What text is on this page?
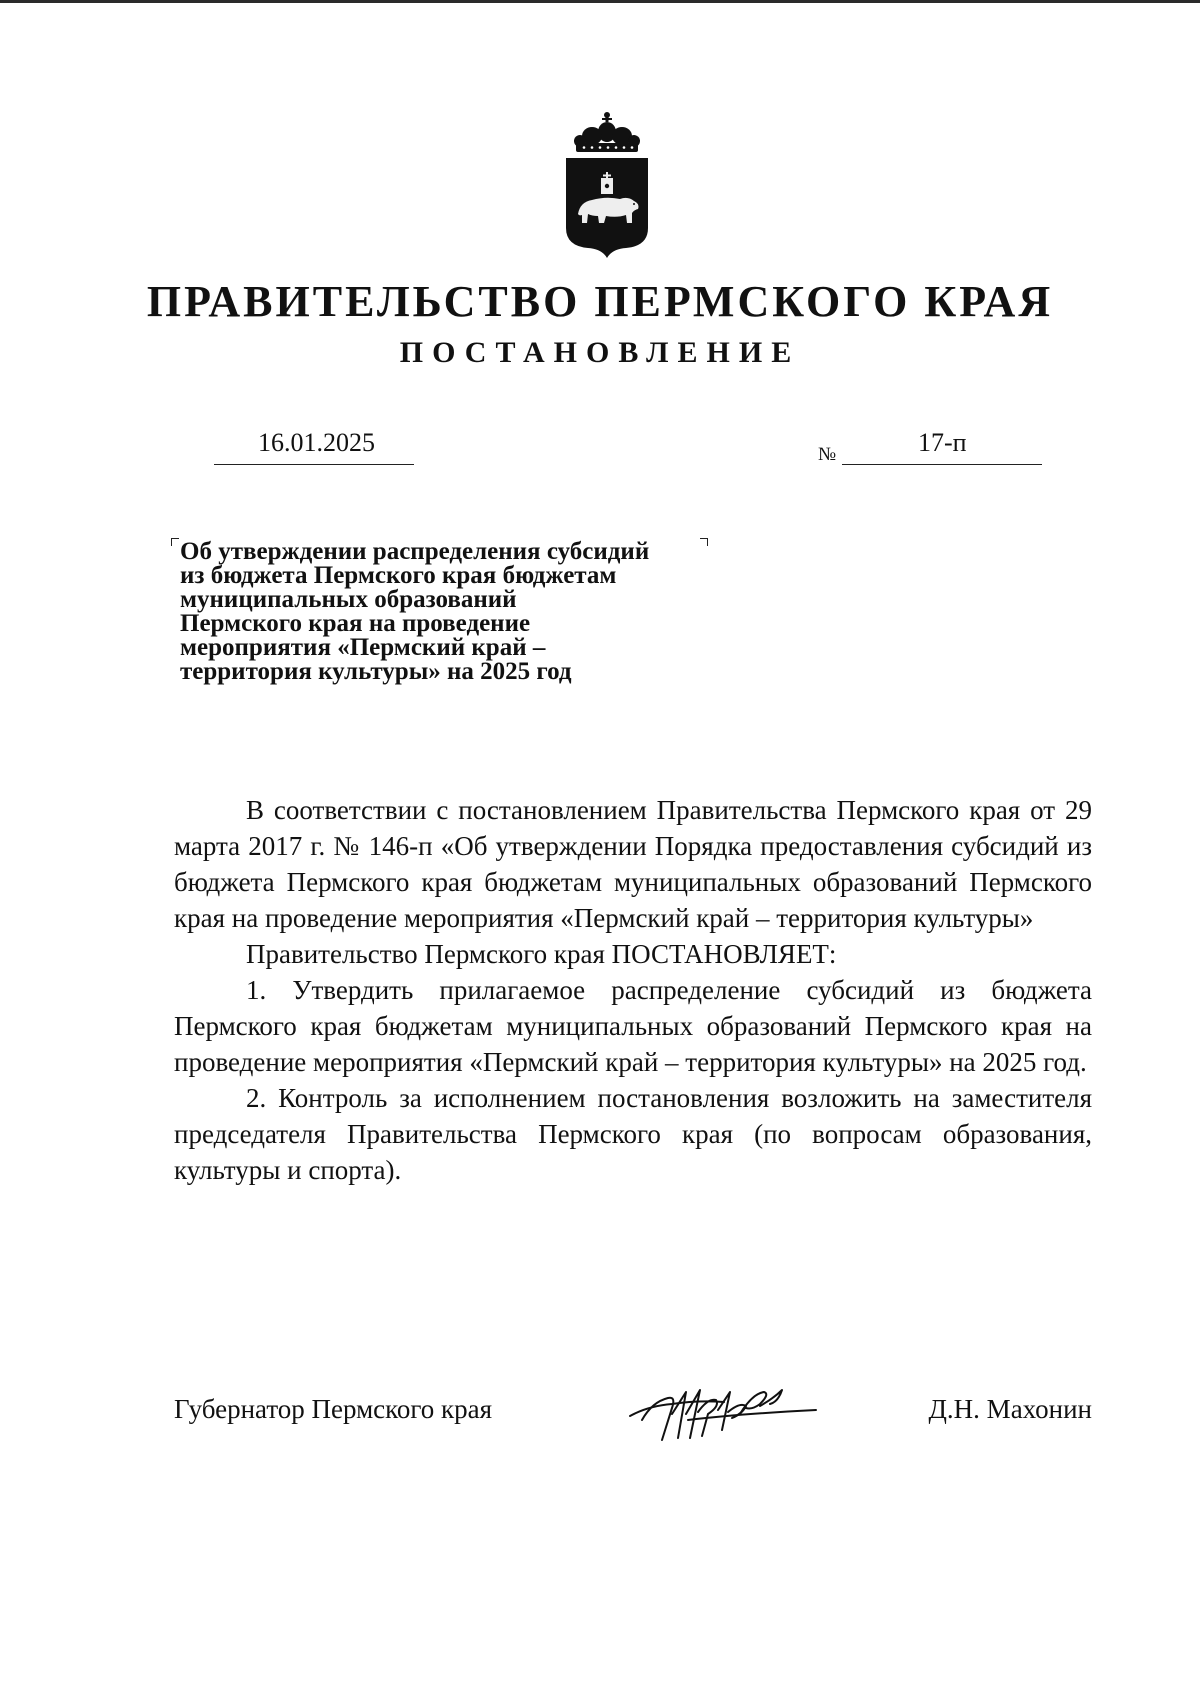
ПРАВИТЕЛЬСТВО ПЕРМСКОГО КРАЯ
ПОСТАНОВЛЕНИЕ
16.01.2025	№	17-п
Об утверждении распределения субсидий
из бюджета Пермского края бюджетам
муниципальных образований
Пермского края на проведение
мероприятия «Пермский край –
территория культуры» на 2025 год

В соответствии с постановлением Правительства Пермского края от 29 марта 2017 г. № 146-п «Об утверждении Порядка предоставления субсидий из бюджета Пермского края бюджетам муниципальных образований Пермского края на проведение мероприятия «Пермский край – территория культуры»

Правительство Пермского края ПОСТАНОВЛЯЕТ:

1. Утвердить прилагаемое распределение субсидий из бюджета Пермского края бюджетам муниципальных образований Пермского края на проведение мероприятия «Пермский край – территория культуры» на 2025 год.

2. Контроль за исполнением постановления возложить на заместителя председателя Правительства Пермского края (по вопросам образования, культуры и спорта).

Губернатор Пермского края	Д.Н. Махонин
